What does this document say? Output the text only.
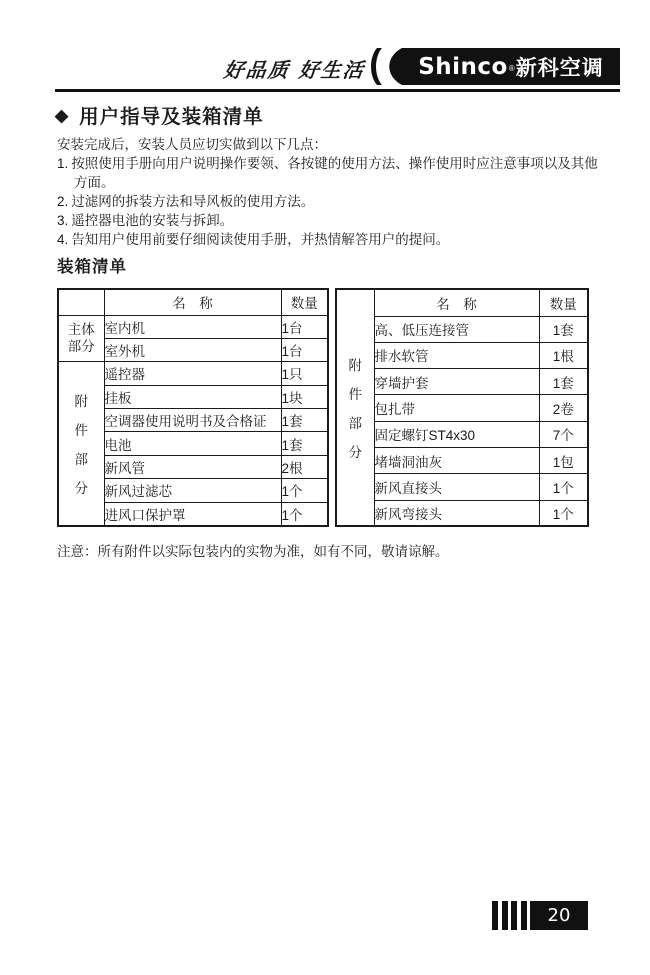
好品质 好生活 Shinco ® 新科空调
◆ 用户指导及装箱清单
安装完成后，安装人员应切实做到以下几点：
1. 按照使用手册向用户说明操作要领、各按键的使用方法、操作使用时应注意事项以及其他方面。
2. 过滤网的拆装方法和导风板的使用方法。
3. 遥控器电池的安装与拆卸。
4. 告知用户使用前要仔细阅读使用手册，并热情解答用户的提问。
装箱清单
	名　称	数量

主体
部分	室内机	1台
	室外机	1台

附
件
部
分	遥控器	1只
	挂板	1块
	空调器使用说明书及合格证	1套
	电池	1套
	新风管	2根
	新风过滤芯	1个
	进风口保护罩	1个
附
件
部
分	名　称	数量
	高、低压连接管	1套
	排水软管	1根
	穿墙护套	1套
	包扎带	2卷
	固定螺钉ST4x30	7个
	堵墙洞油灰	1包
	新风直接头	1个
	新风弯接头	1个
注意：所有附件以实际包装内的实物为准，如有不同，敬请谅解。
20
